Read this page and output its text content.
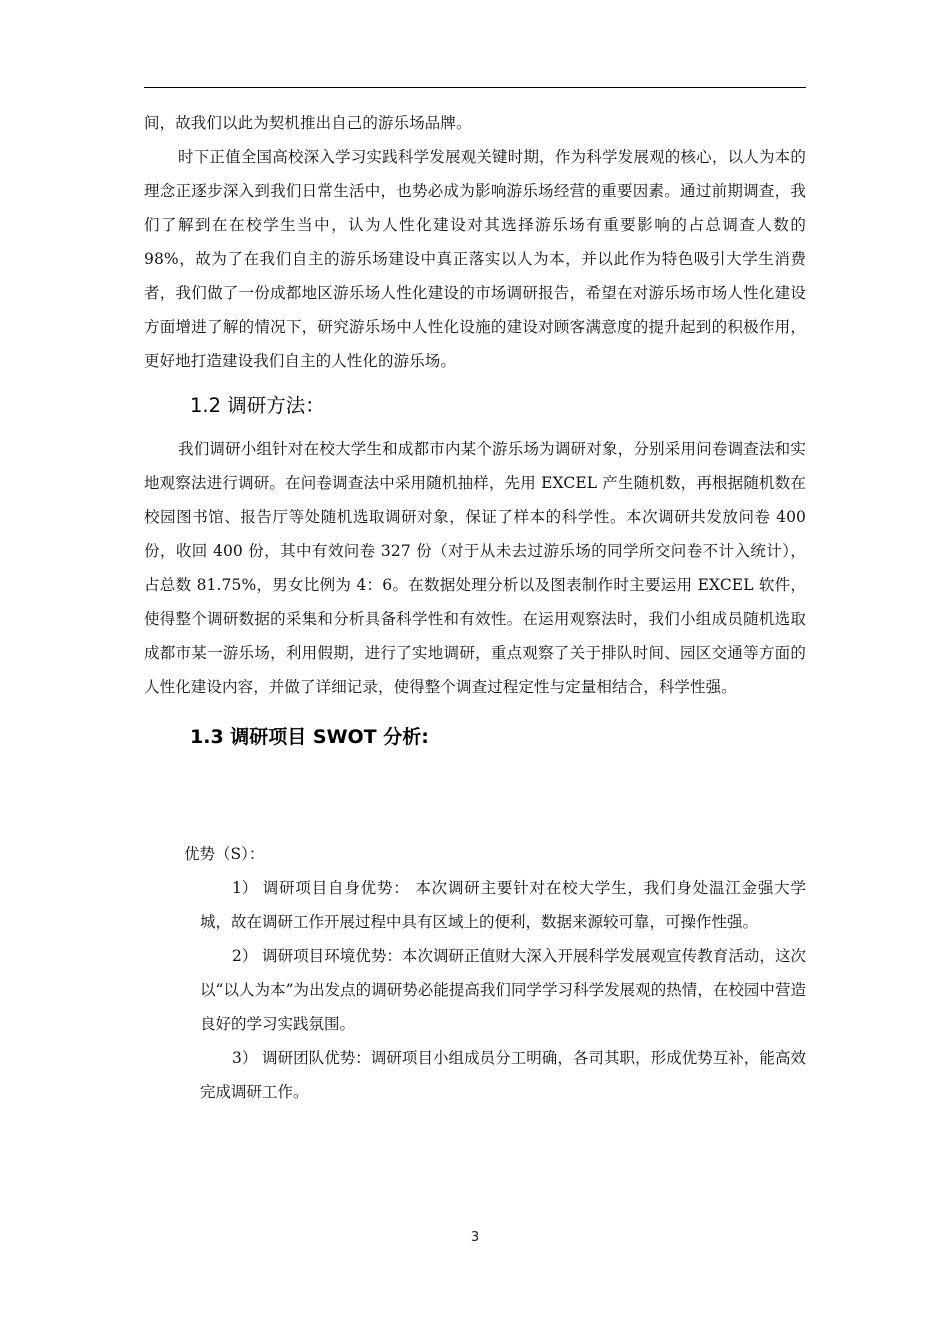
间，故我们以此为契机推出自己的游乐场品牌。

时下正值全国高校深入学习实践科学发展观关键时期，作为科学发展观的核心，以人为本的理念正逐步深入到我们日常生活中，也势必成为影响游乐场经营的重要因素。通过前期调查，我们了解到在在校学生当中，认为人性化建设对其选择游乐场有重要影响的占总调查人数的 98%，故为了在我们自主的游乐场建设中真正落实以人为本，并以此作为特色吸引大学生消费者，我们做了一份成都地区游乐场人性化建设的市场调研报告，希望在对游乐场市场人性化建设方面增进了解的情况下，研究游乐场中人性化设施的建设对顾客满意度的提升起到的积极作用，更好地打造建设我们自主的人性化的游乐场。

1.2 调研方法：

我们调研小组针对在校大学生和成都市内某个游乐场为调研对象，分别采用问卷调查法和实地观察法进行调研。在问卷调查法中采用随机抽样，先用 EXCEL 产生随机数，再根据随机数在校园图书馆、报告厅等处随机选取调研对象，保证了样本的科学性。本次调研共发放问卷 400 份，收回 400 份，其中有效问卷 327 份（对于从未去过游乐场的同学所交问卷不计入统计），占总数 81.75%，男女比例为 4：6。在数据处理分析以及图表制作时主要运用 EXCEL 软件，使得整个调研数据的采集和分析具备科学性和有效性。在运用观察法时，我们小组成员随机选取成都市某一游乐场，利用假期，进行了实地调研，重点观察了关于排队时间、园区交通等方面的人性化建设内容，并做了详细记录，使得整个调查过程定性与定量相结合，科学性强。

1.3 调研项目 SWOT 分析:
优势（S）：
1） 调研项目自身优势： 本次调研主要针对在校大学生，我们身处温江金强大学城，故在调研工作开展过程中具有区域上的便利，数据来源较可靠，可操作性强。
2） 调研项目环境优势：本次调研正值财大深入开展科学发展观宣传教育活动，这次以“以人为本”为出发点的调研势必能提高我们同学学习科学发展观的热情，在校园中营造良好的学习实践氛围。
3） 调研团队优势：调研项目小组成员分工明确，各司其职，形成优势互补，能高效完成调研工作。
3
